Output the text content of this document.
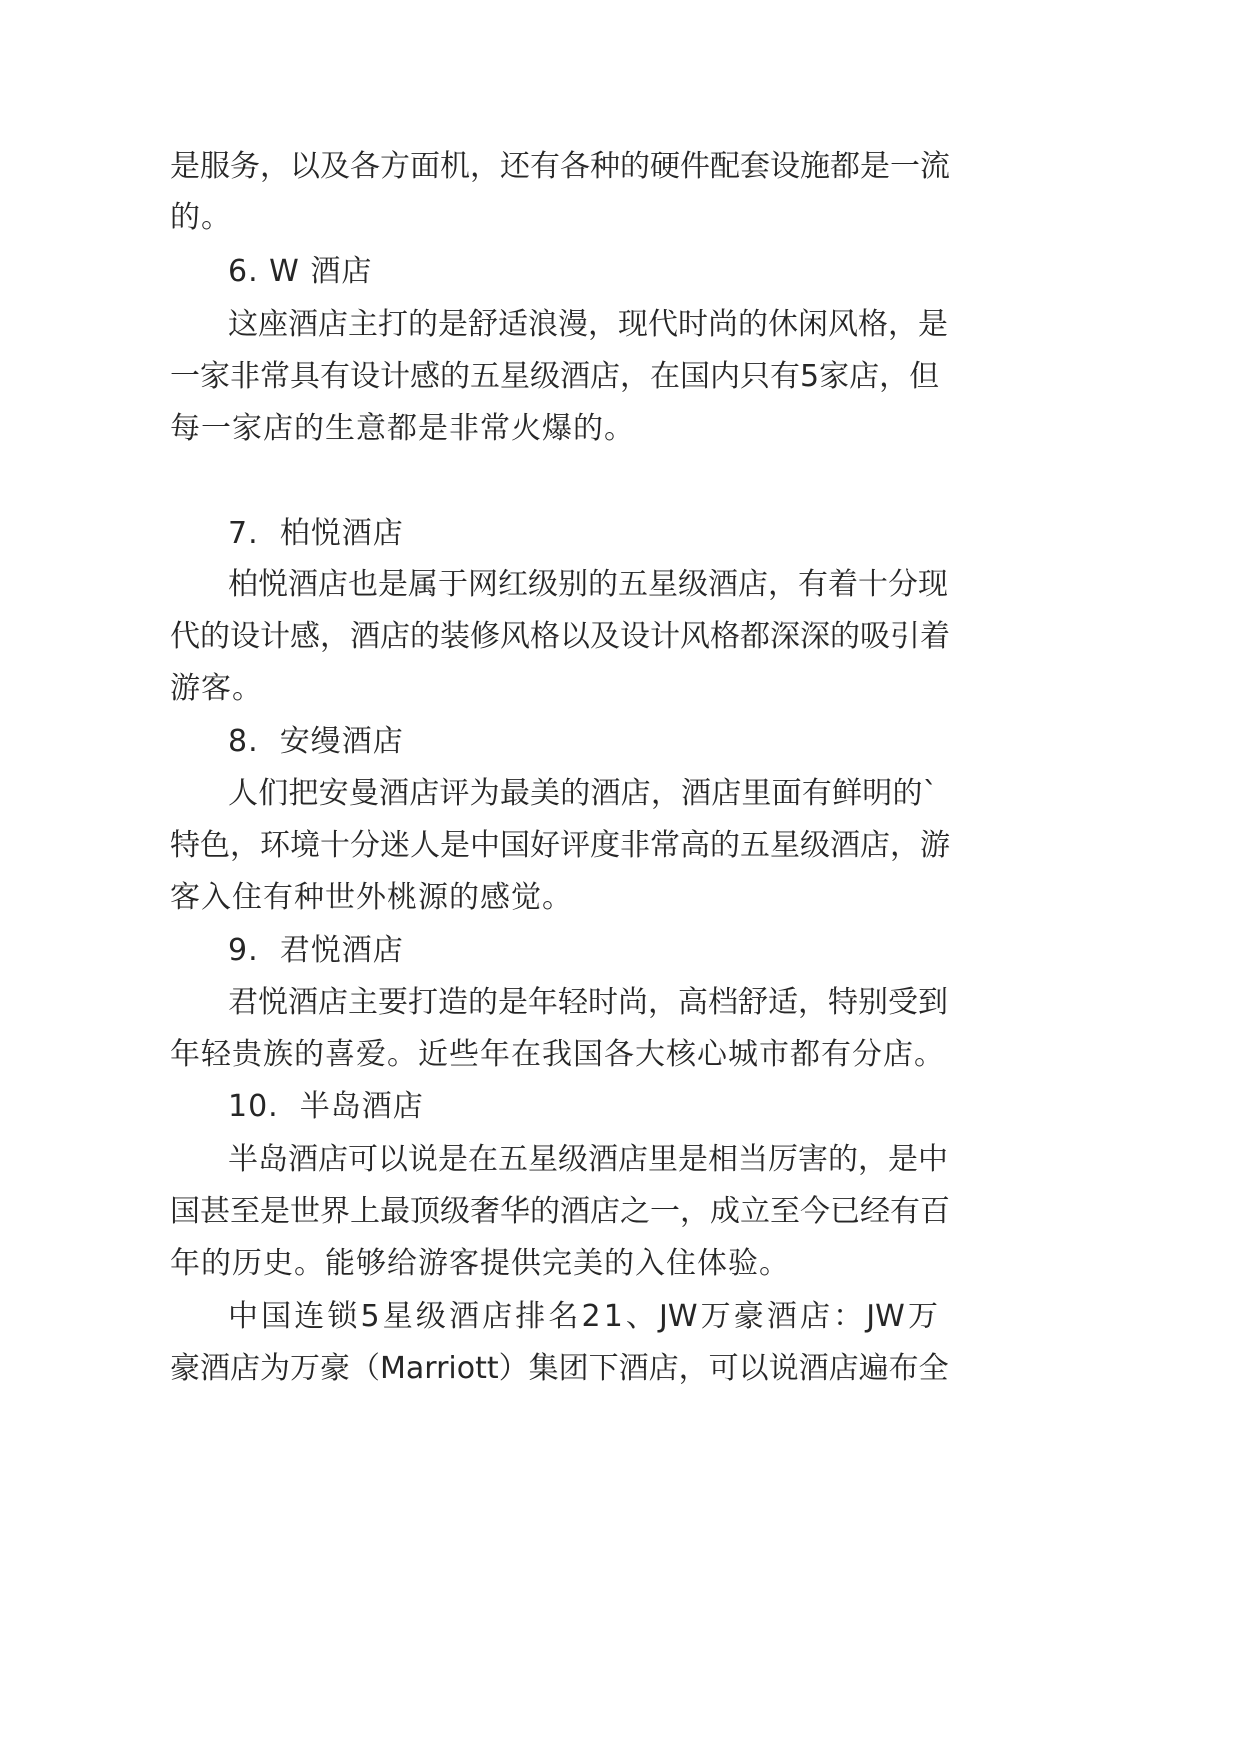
是 服 务 ， 以 及 各 方 面 机 ， 还 有 各 种 的 硬 件 配 套 设 施 都 是 一 流
的。
6. W 酒店
这 座 酒 店 主 打 的 是 舒 适 浪 漫 ， 现 代 时 尚 的 休 闲 风 格 ， 是
一 家 非 常 具 有 设 计 感 的 五 星 级 酒 店 ， 在 国 内 只 有 5 家 店 ， 但
每一家店的生意都是非常火爆的。
7.  柏悦酒店
柏 悦 酒 店 也 是 属 于 网 红 级 别 的 五 星 级 酒 店 ， 有 着 十 分 现
代 的 设 计 感 ， 酒 店 的 装 修 风 格 以 及 设 计 风 格 都 深 深 的 吸 引 着
游客。
8.  安缦酒店
人 们 把 安 曼 酒 店 评 为 最 美 的 酒 店 ， 酒 店 里 面 有 鲜 明 的 `
特 色 ， 环 境 十 分 迷 人 是 中 国 好 评 度 非 常 高 的 五 星 级 酒 店 ， 游
客入住有种世外桃源的感觉。
9.  君悦酒店
君 悦 酒 店 主 要 打 造 的 是 年 轻 时 尚 ， 高 档 舒 适 ， 特 别 受 到
年轻贵族的喜爱。近些年在我国各大核心城市都有分店。
10.  半岛酒店
半 岛 酒 店 可 以 说 是 在 五 星 级 酒 店 里 是 相 当 厉 害 的 ， 是 中
国 甚 至 是 世 界 上 最 顶 级 奢 华 的 酒 店 之 一 ， 成 立 至 今 已 经 有 百
年的历史。能够给游客提供完美的入住体验。
中 国 连 锁 5 星 级 酒 店 排 名 2 1 、 JW 万 豪 酒 店 ： JW 万
豪 酒 店 为 万 豪 （ Marriott ） 集 团 下 酒 店 ， 可 以 说 酒 店 遍 布 全
